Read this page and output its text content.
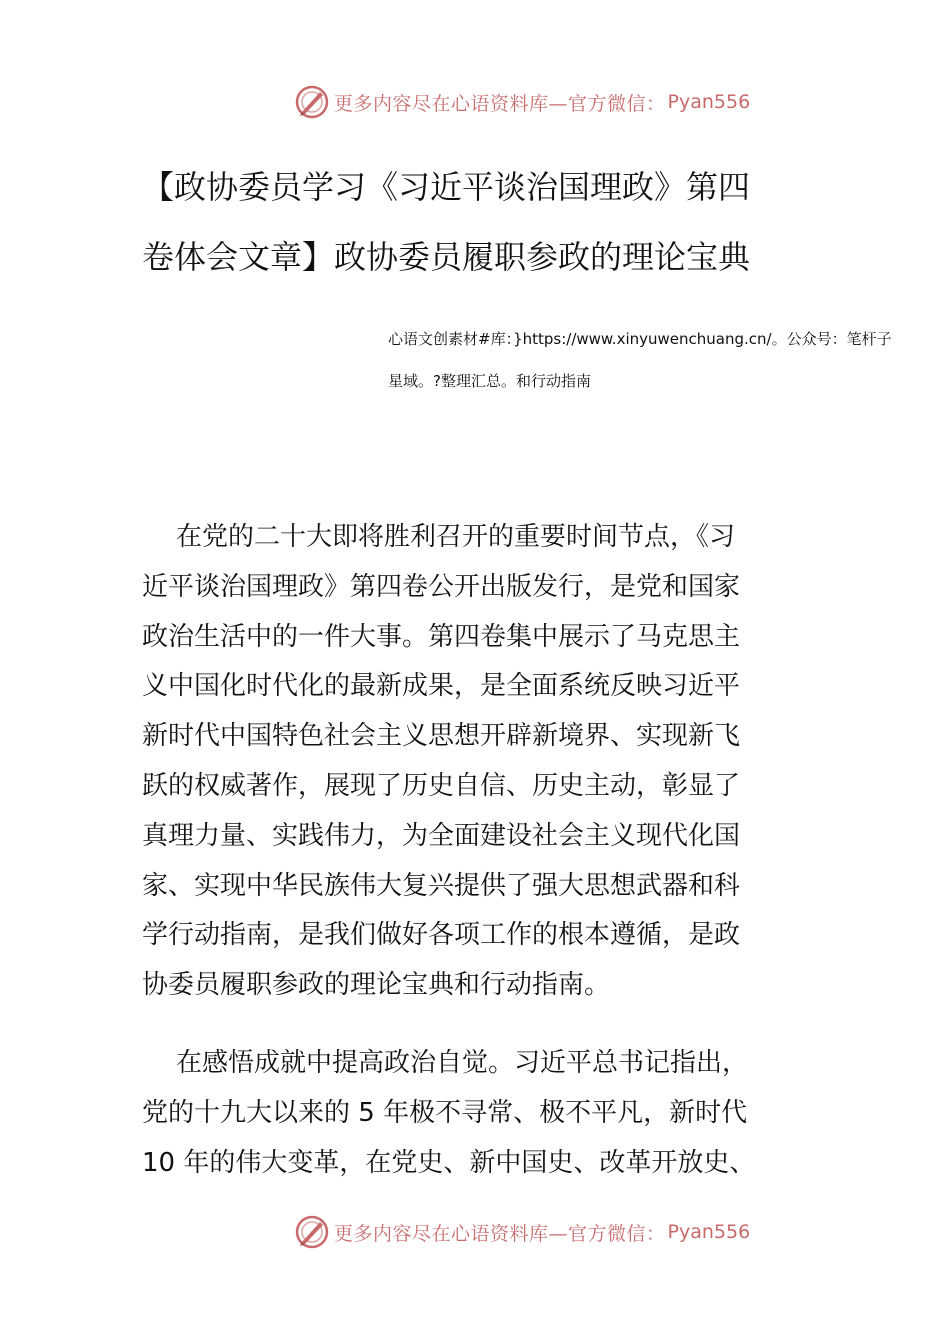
更多内容尽在心语资料库—官方微信： Pyan556
【政协委员学习《习近平谈治国理政》第四
卷体会文章】政协委员履职参政的理论宝典
心语文创素材#库：}https://www.xinyuwenchuang.cn/。公众号：笔杆子
星域。?整理汇总。和行动指南
在党的二十大即将胜利召开的重要时间节点，《习
近平谈治国理政》第四卷公开出版发行，是党和国家
政治生活中的一件大事。第四卷集中展示了马克思主
义中国化时代化的最新成果，是全面系统反映习近平
新时代中国特色社会主义思想开辟新境界、实现新飞
跃的权威著作，展现了历史自信、历史主动，彰显了
真理力量、实践伟力，为全面建设社会主义现代化国
家、实现中华民族伟大复兴提供了强大思想武器和科
学行动指南，是我们做好各项工作的根本遵循，是政
协委员履职参政的理论宝典和行动指南。
在感悟成就中提高政治自觉。习近平总书记指出，
党的十九大以来的 5 年极不寻常、极不平凡，新时代
10 年的伟大变革，在党史、新中国史、改革开放史、
更多内容尽在心语资料库—官方微信： Pyan556
